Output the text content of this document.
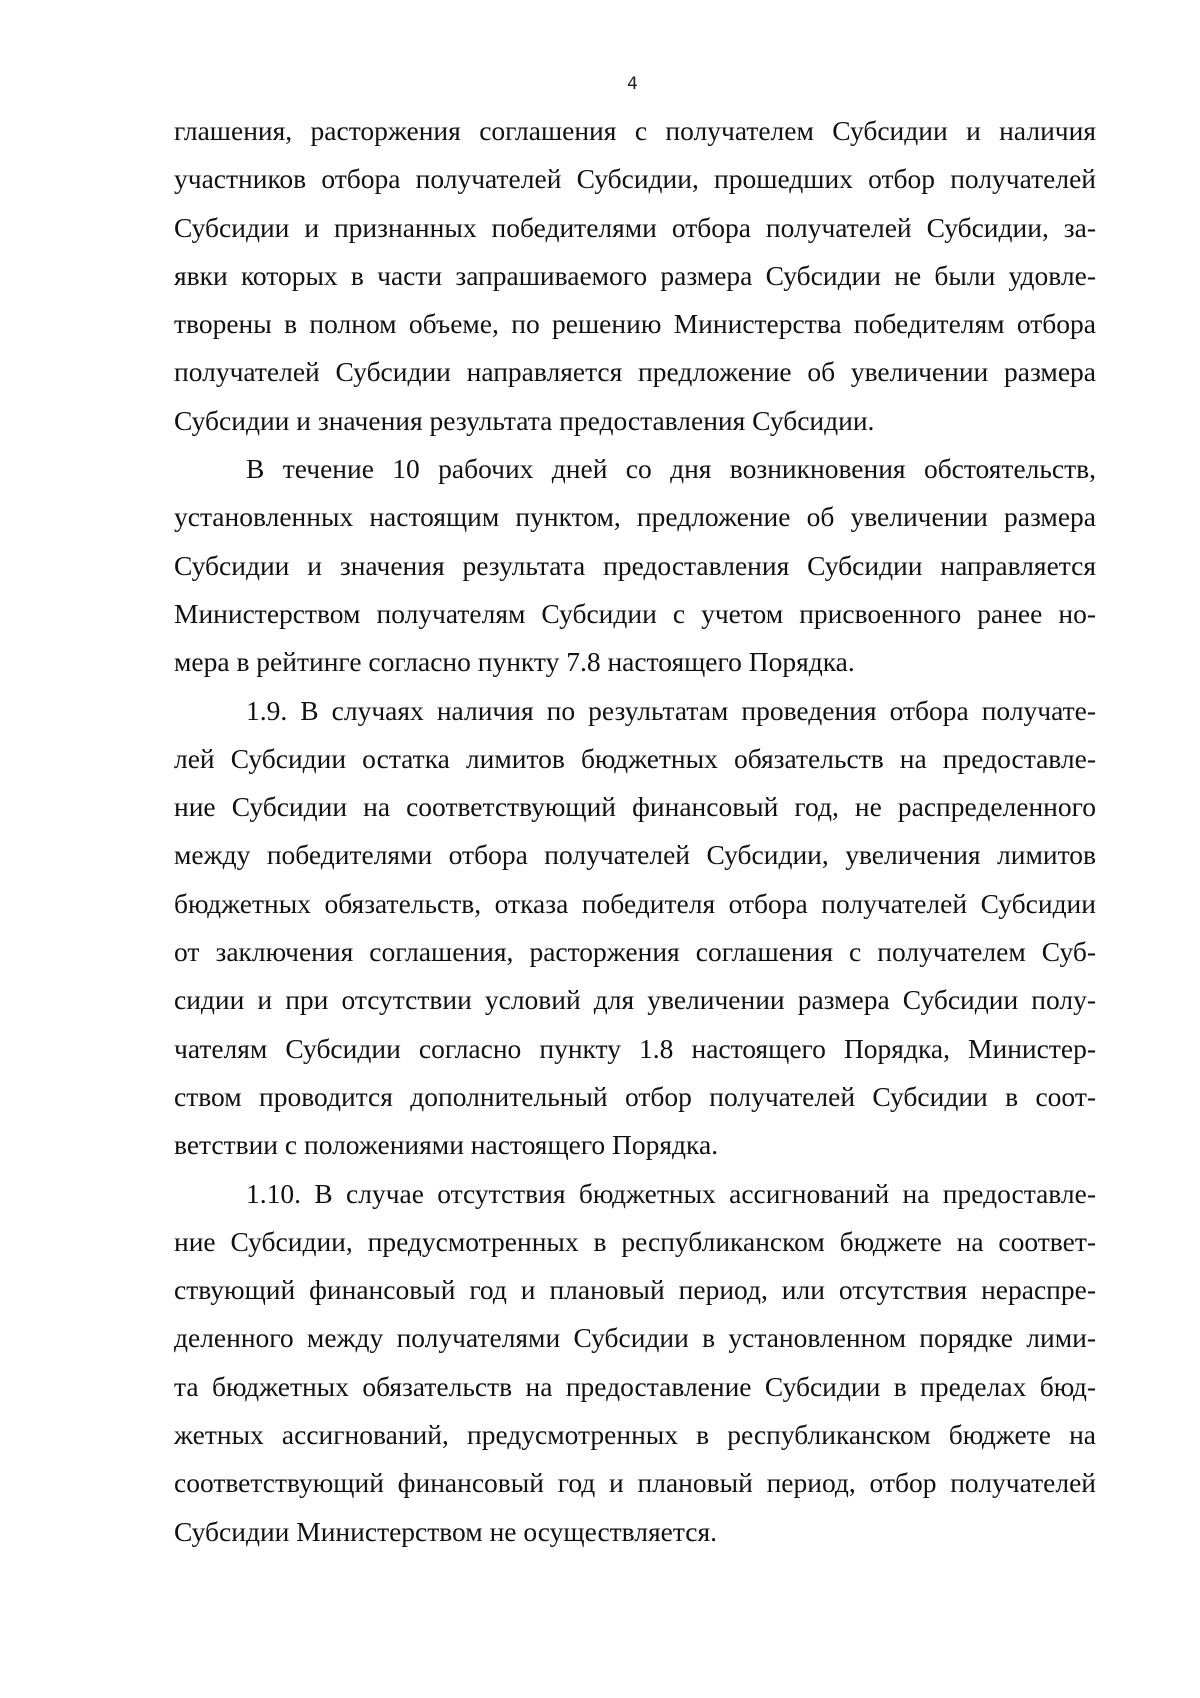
4

глашения, расторжения соглашения с получателем Субсидии и наличия
участников отбора получателей Субсидии, прошедших отбор получателей
Субсидии и признанных победителями отбора получателей Субсидии, за-
явки которых в части запрашиваемого размера Субсидии не были удовле-
творены в полном объеме, по решению Министерства победителям отбора
получателей Субсидии направляется предложение об увеличении размера
Субсидии и значения результата предоставления Субсидии.
В течение 10 рабочих дней со дня возникновения обстоятельств,
установленных настоящим пунктом, предложение об увеличении размера
Субсидии и значения результата предоставления Субсидии направляется
Министерством получателям Субсидии с учетом присвоенного ранее но-
мера в рейтинге согласно пункту 7.8 настоящего Порядка.
1.9. В случаях наличия по результатам проведения отбора получате-
лей Субсидии остатка лимитов бюджетных обязательств на предоставле-
ние Субсидии на соответствующий финансовый год, не распределенного
между победителями отбора получателей Субсидии, увеличения лимитов
бюджетных обязательств, отказа победителя отбора получателей Субсидии
от заключения соглашения, расторжения соглашения с получателем Суб-
сидии и при отсутствии условий для увеличении размера Субсидии полу-
чателям Субсидии согласно пункту 1.8 настоящего Порядка, Министер-
ством проводится дополнительный отбор получателей Субсидии в соот-
ветствии с положениями настоящего Порядка.
1.10. В случае отсутствия бюджетных ассигнований на предоставле-
ние Субсидии, предусмотренных в республиканском бюджете на соответ-
ствующий финансовый год и плановый период, или отсутствия нераспре-
деленного между получателями Субсидии в установленном порядке лими-
та бюджетных обязательств на предоставление Субсидии в пределах бюд-
жетных ассигнований, предусмотренных в республиканском бюджете на
соответствующий финансовый год и плановый период, отбор получателей
Субсидии Министерством не осуществляется.
